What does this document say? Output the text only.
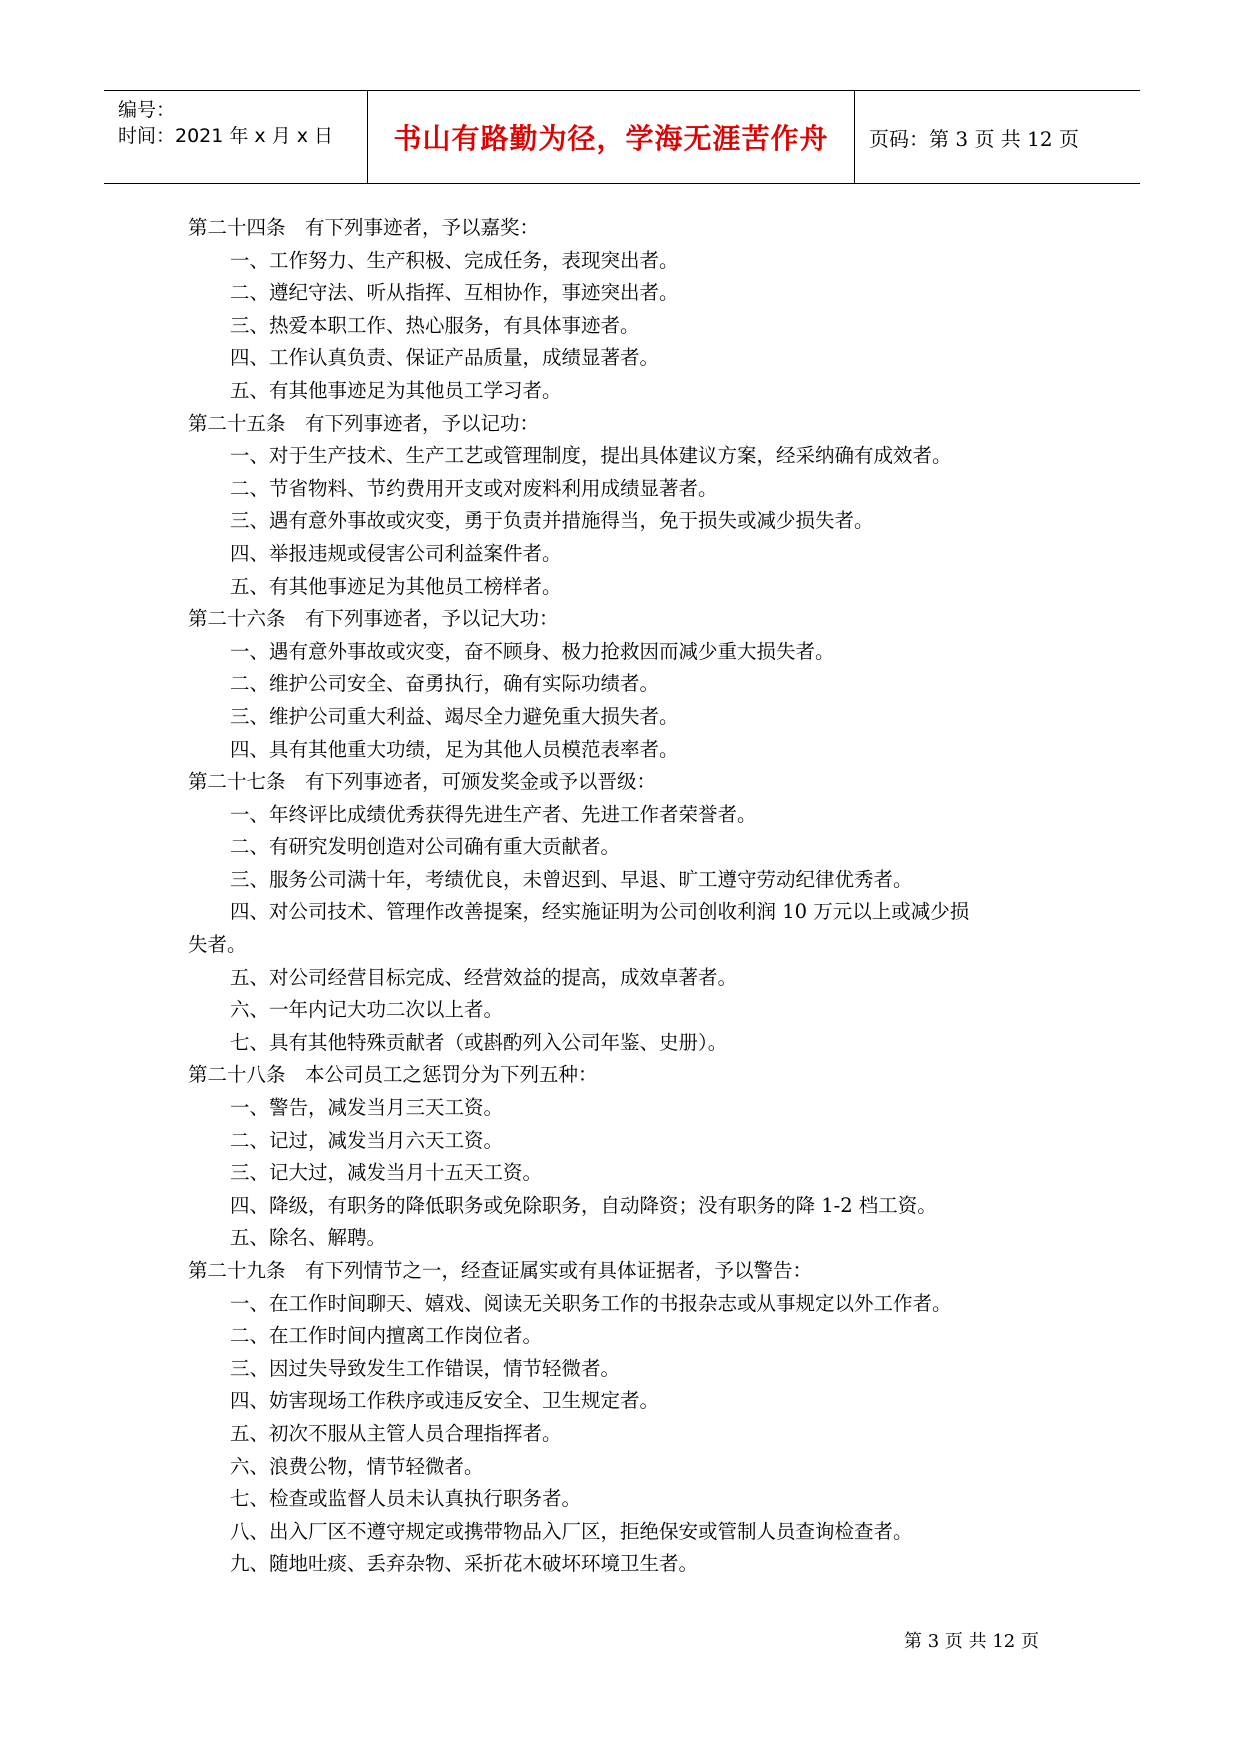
编号：
时间：2021 年 x 月 x 日 书山有路勤为径，学海无涯苦作舟 页码：第 3 页 共 12 页
第二十四条　有下列事迹者，予以嘉奖：
一、工作努力、生产积极、完成任务，表现突出者。
二、遵纪守法、听从指挥、互相协作，事迹突出者。
三、热爱本职工作、热心服务，有具体事迹者。
四、工作认真负责、保证产品质量，成绩显著者。
五、有其他事迹足为其他员工学习者。
第二十五条　有下列事迹者，予以记功：
一、对于生产技术、生产工艺或管理制度，提出具体建议方案，经采纳确有成效者。
二、节省物料、节约费用开支或对废料利用成绩显著者。
三、遇有意外事故或灾变，勇于负责并措施得当，免于损失或减少损失者。
四、举报违规或侵害公司利益案件者。
五、有其他事迹足为其他员工榜样者。
第二十六条　有下列事迹者，予以记大功：
一、遇有意外事故或灾变，奋不顾身、极力抢救因而减少重大损失者。
二、维护公司安全、奋勇执行，确有实际功绩者。
三、维护公司重大利益、竭尽全力避免重大损失者。
四、具有其他重大功绩，足为其他人员模范表率者。
第二十七条　有下列事迹者，可颁发奖金或予以晋级：
一、年终评比成绩优秀获得先进生产者、先进工作者荣誉者。
二、有研究发明创造对公司确有重大贡献者。
三、服务公司满十年，考绩优良，未曾迟到、早退、旷工遵守劳动纪律优秀者。
四、对公司技术、管理作改善提案，经实施证明为公司创收利润 10 万元以上或减少损
失者。
五、对公司经营目标完成、经营效益的提高，成效卓著者。
六、一年内记大功二次以上者。
七、具有其他特殊贡献者（或斟酌列入公司年鉴、史册）。
第二十八条　本公司员工之惩罚分为下列五种：
一、警告，减发当月三天工资。
二、记过，减发当月六天工资。
三、记大过，减发当月十五天工资。
四、降级，有职务的降低职务或免除职务，自动降资；没有职务的降 1-2 档工资。
五、除名、解聘。
第二十九条　有下列情节之一，经查证属实或有具体证据者，予以警告：
一、在工作时间聊天、嬉戏、阅读无关职务工作的书报杂志或从事规定以外工作者。
二、在工作时间内擅离工作岗位者。
三、因过失导致发生工作错误，情节轻微者。
四、妨害现场工作秩序或违反安全、卫生规定者。
五、初次不服从主管人员合理指挥者。
六、浪费公物，情节轻微者。
七、检查或监督人员未认真执行职务者。
八、出入厂区不遵守规定或携带物品入厂区，拒绝保安或管制人员查询检查者。
九、随地吐痰、丢弃杂物、采折花木破坏环境卫生者。
第 3 页 共 12 页
